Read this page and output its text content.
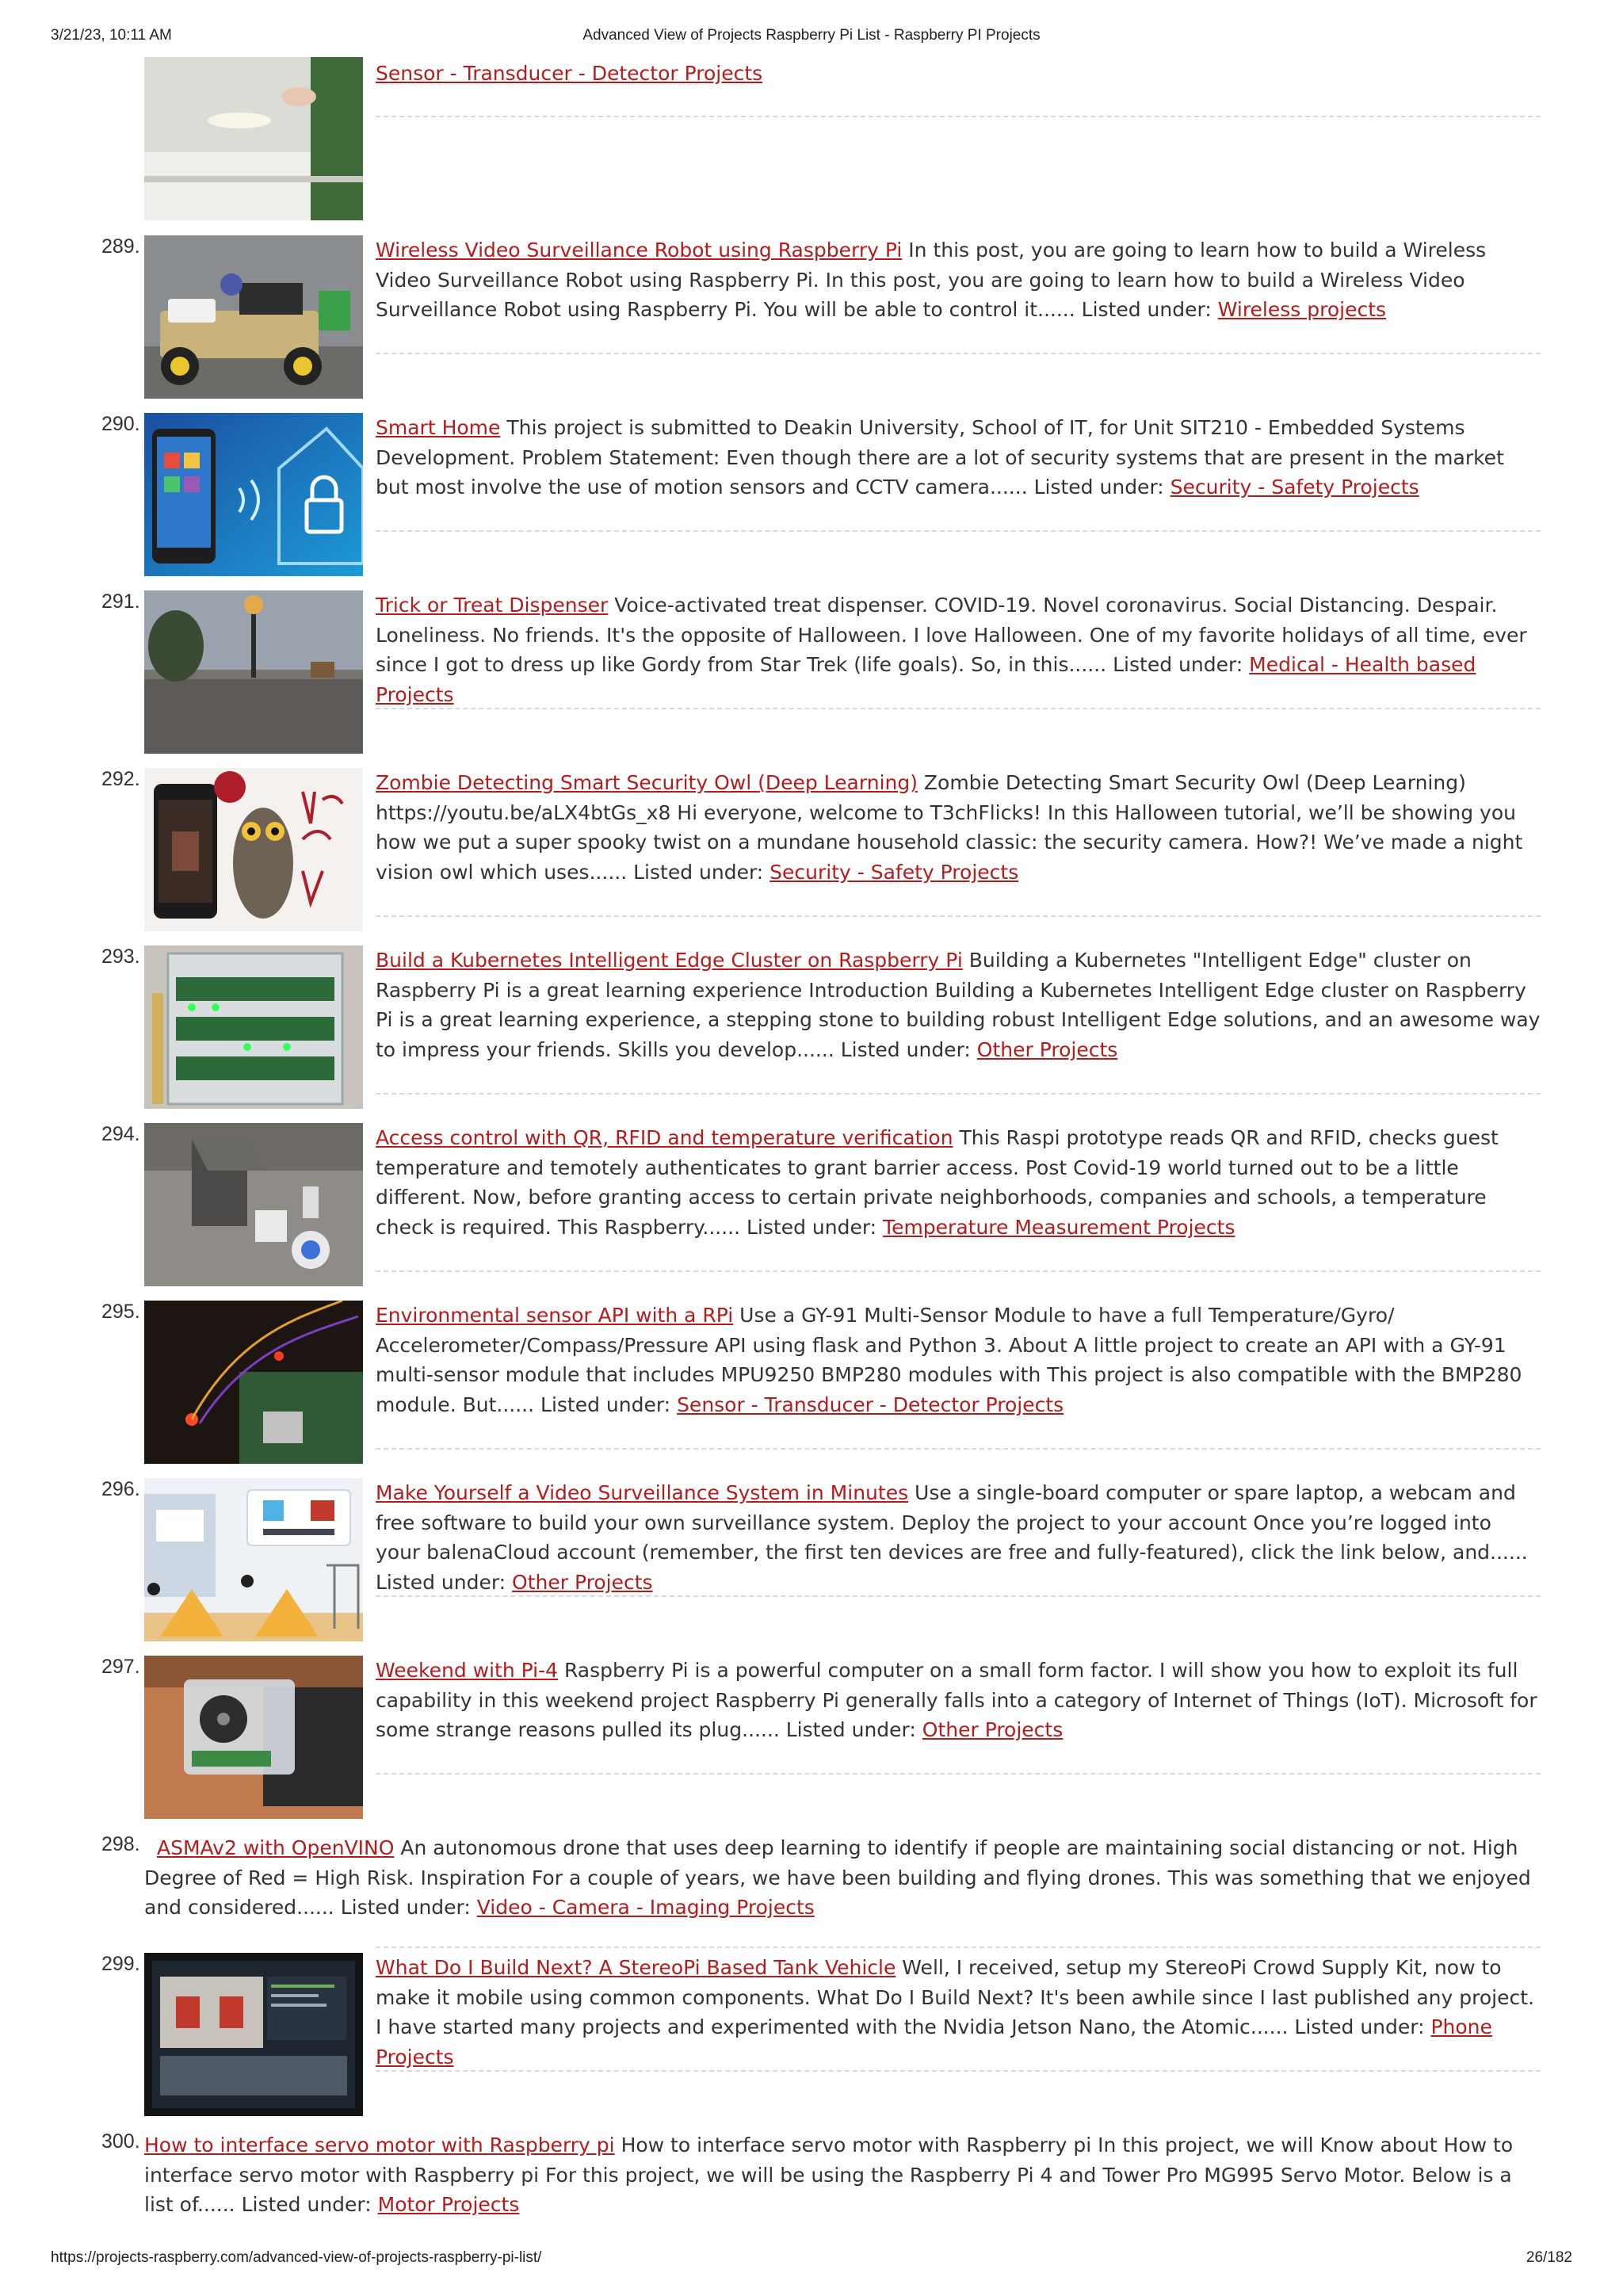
3/21/23, 10:11 AM	Advanced View of Projects Raspberry Pi List - Raspberry PI Projects
Sensor - Transducer - Detector Projects
289.	Wireless Video Surveillance Robot using Raspberry Pi In this post, you are going to learn how to build a Wireless Video Surveillance Robot using Raspberry Pi. In this post, you are going to learn how to build a Wireless Video Surveillance Robot using Raspberry Pi. You will be able to control it...... Listed under: Wireless projects
290.	Smart Home This project is submitted to Deakin University, School of IT, for Unit SIT210 - Embedded Systems Development. Problem Statement: Even though there are a lot of security systems that are present in the market but most involve the use of motion sensors and CCTV camera...... Listed under: Security - Safety Projects
291.	Trick or Treat Dispenser Voice-activated treat dispenser. COVID-19. Novel coronavirus. Social Distancing. Despair. Loneliness. No friends. It's the opposite of Halloween. I love Halloween. One of my favorite holidays of all time, ever since I got to dress up like Gordy from Star Trek (life goals). So, in this...... Listed under: Medical - Health based Projects
292.	Zombie Detecting Smart Security Owl (Deep Learning) Zombie Detecting Smart Security Owl (Deep Learning) https://youtu.be/aLX4btGs_x8 Hi everyone, welcome to T3chFlicks! In this Halloween tutorial, we’ll be showing you how we put a super spooky twist on a mundane household classic: the security camera. How?! We’ve made a night vision owl which uses...... Listed under: Security - Safety Projects
293.	Build a Kubernetes Intelligent Edge Cluster on Raspberry Pi Building a Kubernetes "Intelligent Edge" cluster on Raspberry Pi is a great learning experience Introduction Building a Kubernetes Intelligent Edge cluster on Raspberry Pi is a great learning experience, a stepping stone to building robust Intelligent Edge solutions, and an awesome way to impress your friends. Skills you develop...... Listed under: Other Projects
294.	Access control with QR, RFID and temperature verification This Raspi prototype reads QR and RFID, checks guest temperature and temotely authenticates to grant barrier access. Post Covid-19 world turned out to be a little different. Now, before granting access to certain private neighborhoods, companies and schools, a temperature check is required. This Raspberry...... Listed under: Temperature Measurement Projects
295.	Environmental sensor API with a RPi Use a GY-91 Multi-Sensor Module to have a full Temperature/Gyro/ Accelerometer/Compass/Pressure API using flask and Python 3. About A little project to create an API with a GY-91 multi-sensor module that includes MPU9250 BMP280 modules with This project is also compatible with the BMP280 module. But...... Listed under: Sensor - Transducer - Detector Projects
296.	Make Yourself a Video Surveillance System in Minutes Use a single-board computer or spare laptop, a webcam and free software to build your own surveillance system. Deploy the project to your account Once you’re logged into your balenaCloud account (remember, the first ten devices are free and fully-featured), click the link below, and...... Listed under: Other Projects
297.	Weekend with Pi-4 Raspberry Pi is a powerful computer on a small form factor. I will show you how to exploit its full capability in this weekend project Raspberry Pi generally falls into a category of Internet of Things (IoT). Microsoft for some strange reasons pulled its plug...... Listed under: Other Projects
298. ASMAv2 with OpenVINO An autonomous drone that uses deep learning to identify if people are maintaining social distancing or not. High Degree of Red = High Risk. Inspiration For a couple of years, we have been building and flying drones. This was something that we enjoyed and considered...... Listed under: Video - Camera - Imaging Projects
299.	What Do I Build Next? A StereoPi Based Tank Vehicle Well, I received, setup my StereoPi Crowd Supply Kit, now to make it mobile using common components. What Do I Build Next? It's been awhile since I last published any project. I have started many projects and experimented with the Nvidia Jetson Nano, the Atomic...... Listed under: Phone Projects
300. How to interface servo motor with Raspberry pi How to interface servo motor with Raspberry pi In this project, we will Know about How to interface servo motor with Raspberry pi For this project, we will be using the Raspberry Pi 4 and Tower Pro MG995 Servo Motor. Below is a list of...... Listed under: Motor Projects
https://projects-raspberry.com/advanced-view-of-projects-raspberry-pi-list/	26/182
